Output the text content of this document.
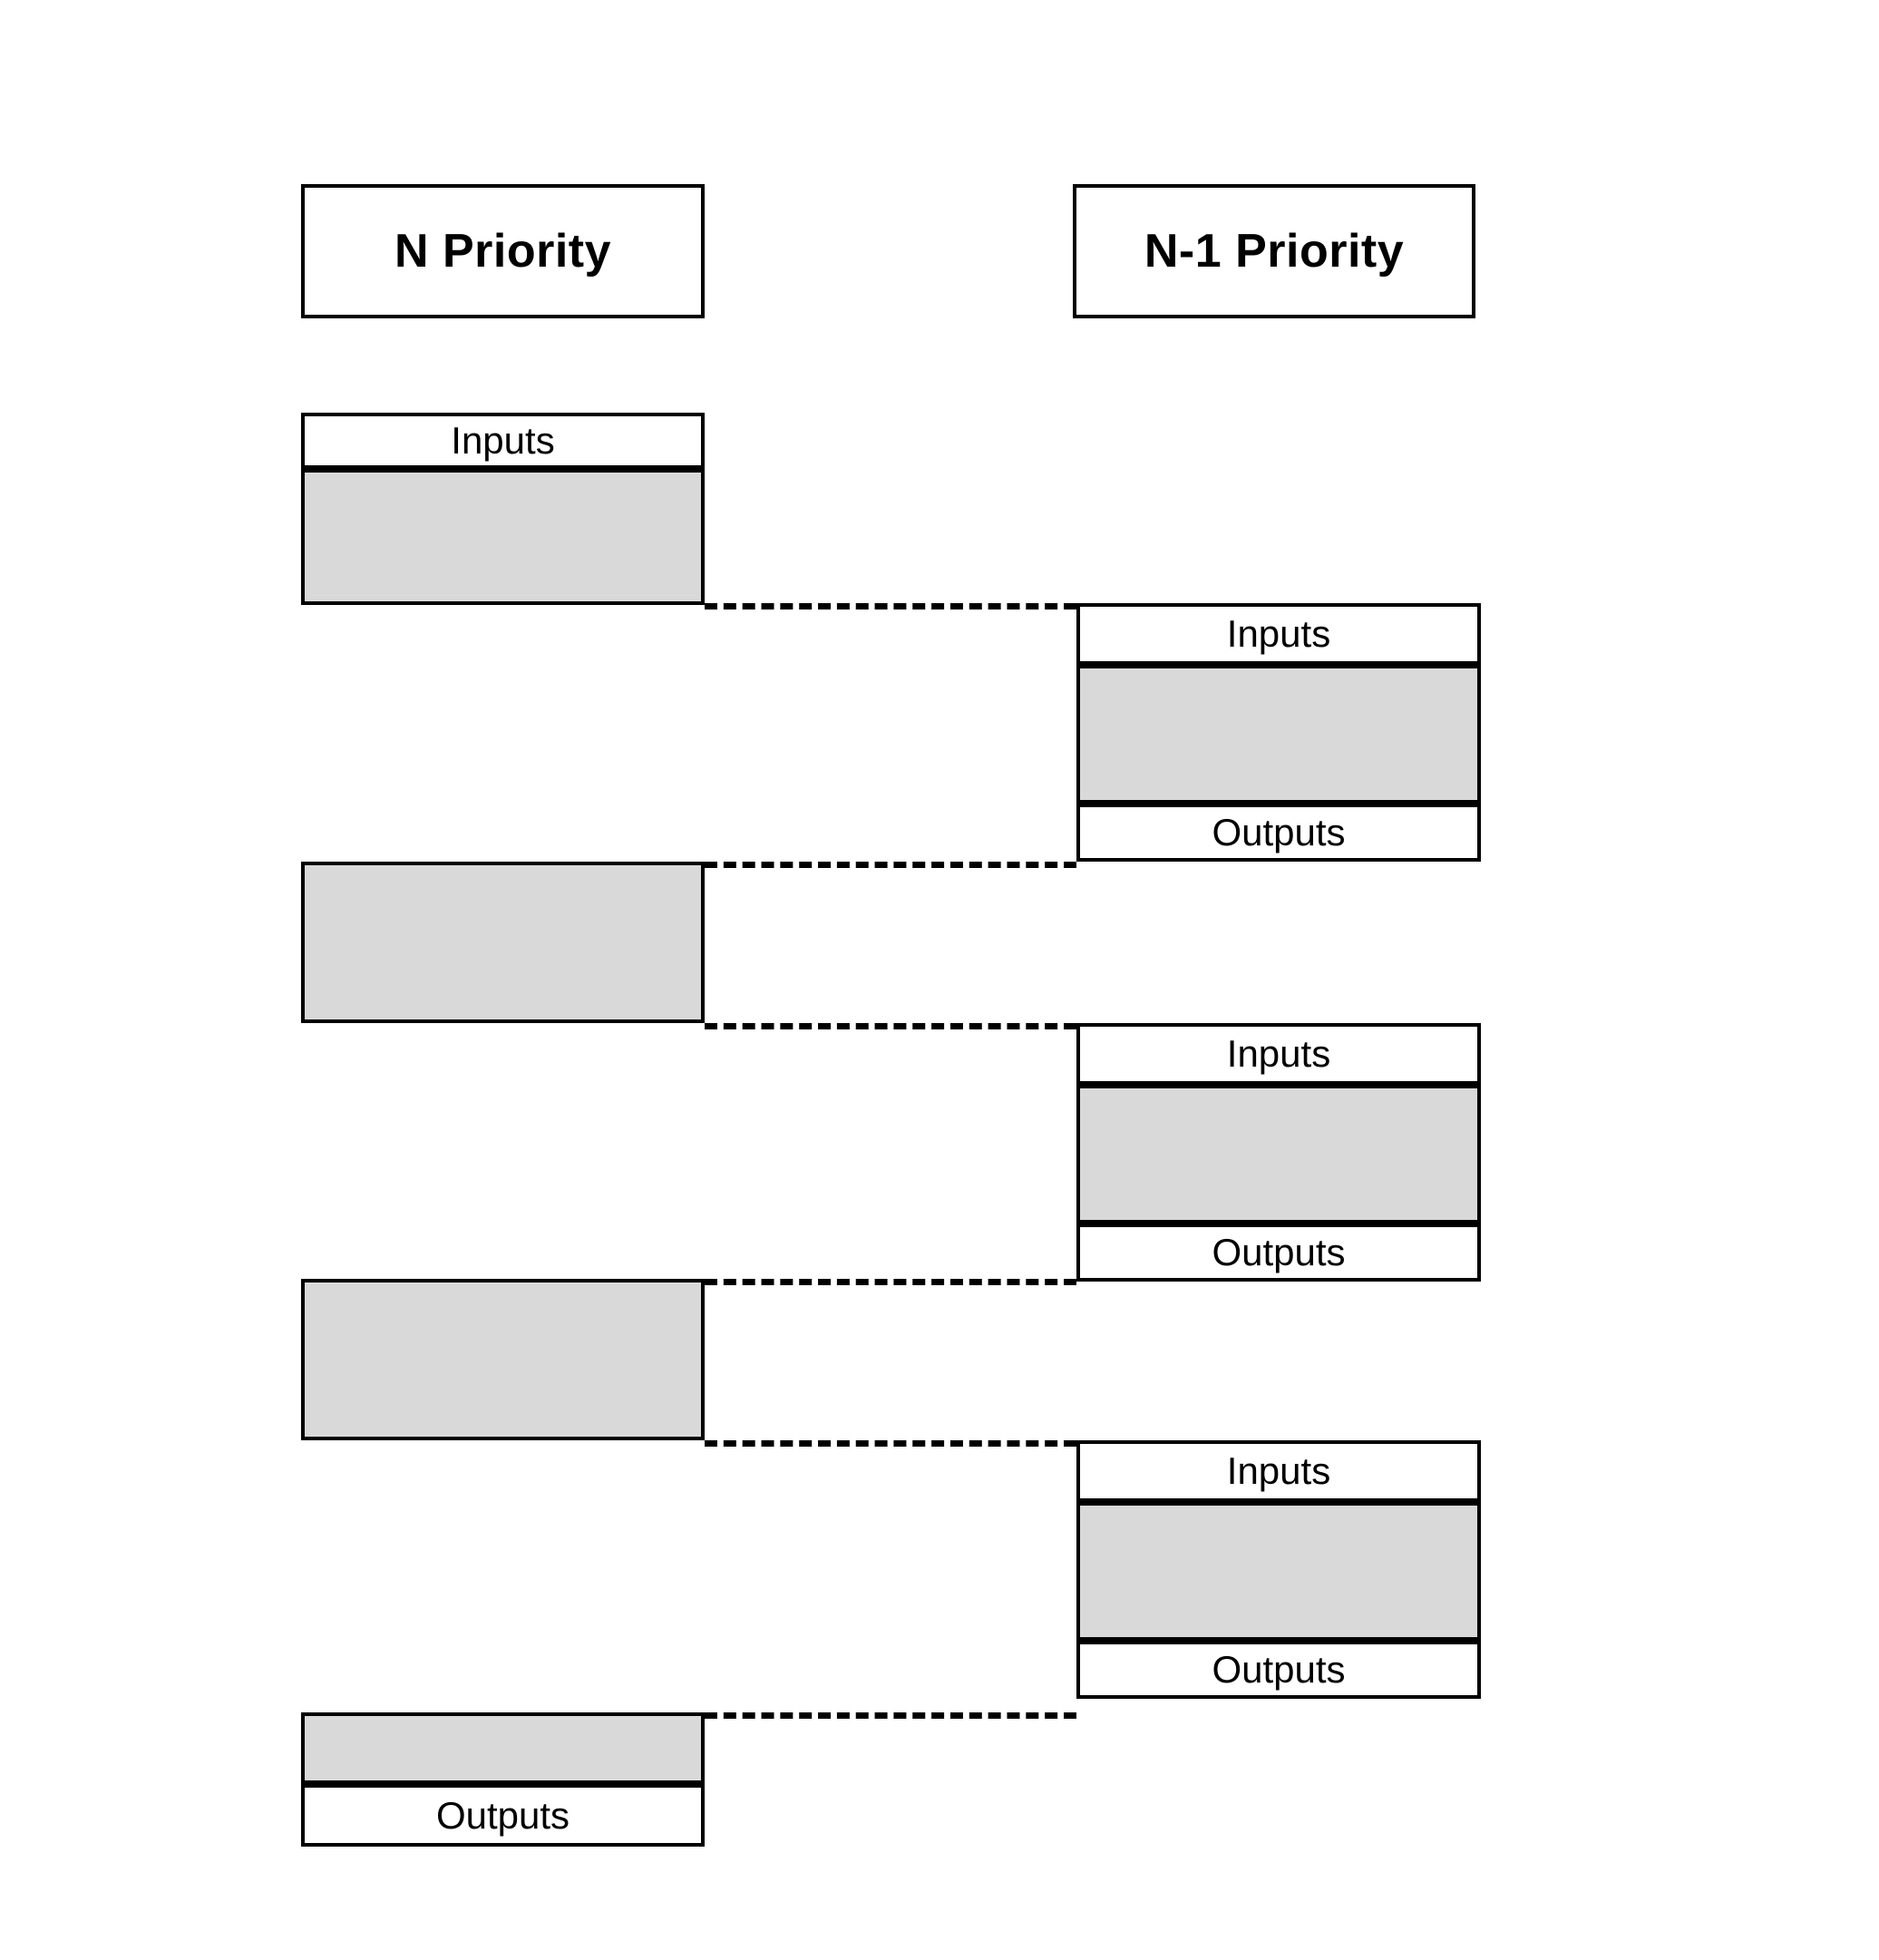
N Priority	N-1 Priority
Inputs
Outputs
Inputs
Outputs
Inputs
Outputs
Inputs
Outputs
